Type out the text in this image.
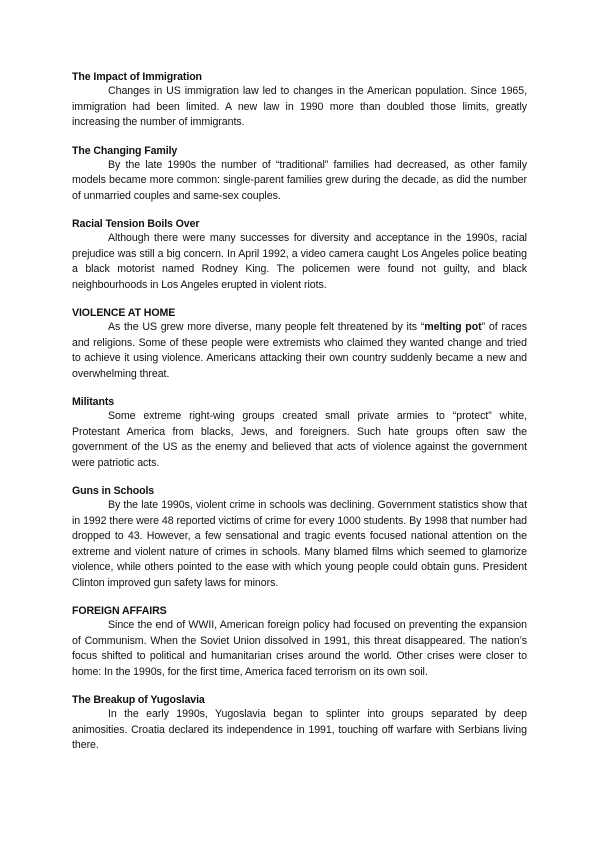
The Impact of Immigration

Changes in US immigration law led to changes in the American population. Since 1965, immigration had been limited. A new law in 1990 more than doubled those limits, greatly increasing the number of immigrants.

The Changing Family

By the late 1990s the number of “traditional” families had decreased, as other family models became more common: single-parent families grew during the decade, as did the number of unmarried couples and same-sex couples.

Racial Tension Boils Over

Although there were many successes for diversity and acceptance in the 1990s, racial prejudice was still a big concern. In April 1992, a video camera caught Los Angeles police beating a black motorist named Rodney King. The policemen were found not guilty, and black neighbourhoods in Los Angeles erupted in violent riots.

VIOLENCE AT HOME

As the US grew more diverse, many people felt threatened by its “melting pot” of races and religions. Some of these people were extremists who claimed they wanted change and tried to achieve it using violence. Americans attacking their own country suddenly became a new and overwhelming threat.

Militants

Some extreme right-wing groups created small private armies to “protect” white, Protestant America from blacks, Jews, and foreigners. Such hate groups often saw the government of the US as the enemy and believed that acts of violence against the government were patriotic acts.

Guns in Schools

By the late 1990s, violent crime in schools was declining. Government statistics show that in 1992 there were 48 reported victims of crime for every 1000 students. By 1998 that number had dropped to 43. However, a few sensational and tragic events focused national attention on the extreme and violent nature of crimes in schools. Many blamed films which seemed to glamorize violence, while others pointed to the ease with which young people could obtain guns. President Clinton improved gun safety laws for minors.

FOREIGN AFFAIRS

Since the end of WWII, American foreign policy had focused on preventing the expansion of Communism. When the Soviet Union dissolved in 1991, this threat disappeared. The nation’s focus shifted to political and humanitarian crises around the world. Other crises were closer to home: In the 1990s, for the first time, America faced terrorism on its own soil.

The Breakup of Yugoslavia

In the early 1990s, Yugoslavia began to splinter into groups separated by deep animosities. Croatia declared its independence in 1991, touching off warfare with Serbians living there.
